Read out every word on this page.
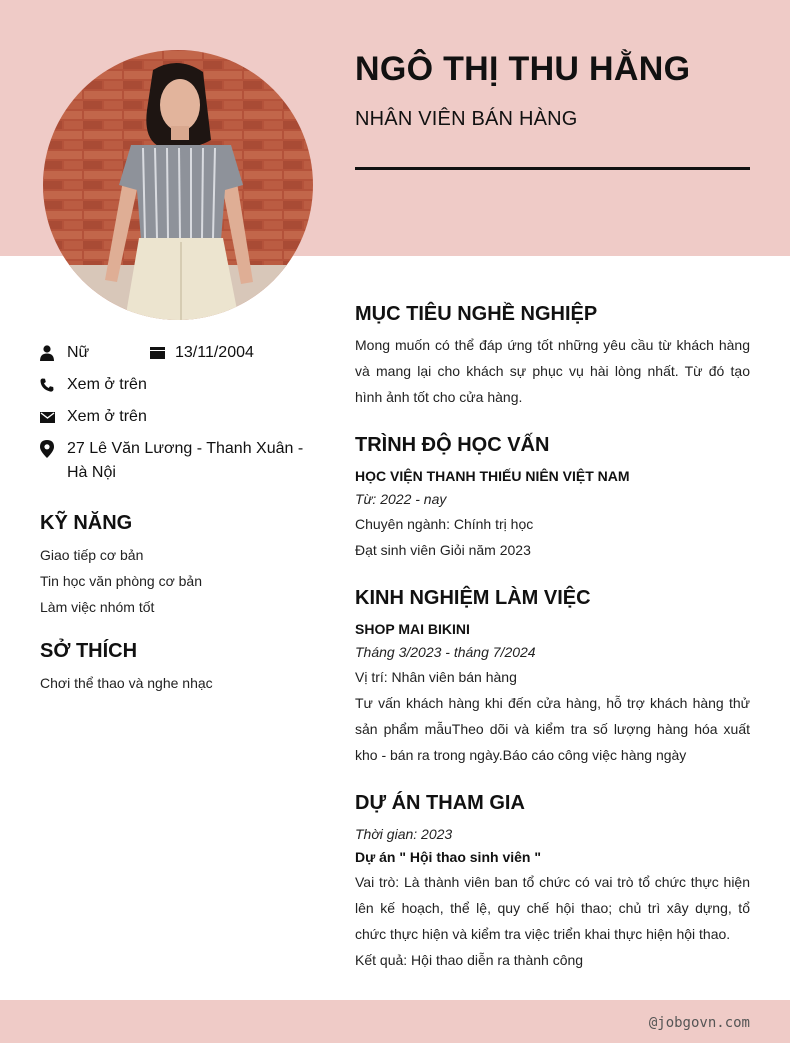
NGÔ THỊ THU HẰNG
NHÂN VIÊN BÁN HÀNG
Nữ	13/11/2004
Xem ở trên
Xem ở trên
27 Lê Văn Lương - Thanh Xuân -
Hà Nội
KỸ NĂNG
Giao tiếp cơ bản
Tin học văn phòng cơ bản
Làm việc nhóm tốt
SỞ THÍCH
Chơi thể thao và nghe nhạc
MỤC TIÊU NGHỀ NGHIỆP
Mong muốn có thể đáp ứng tốt những yêu cầu từ khách hàng và mang lại cho khách sự phục vụ hài lòng nhất. Từ đó tạo hình ảnh tốt cho cửa hàng.
TRÌNH ĐỘ HỌC VẤN
HỌC VIỆN THANH THIẾU NIÊN VIỆT NAM
Từ: 2022 - nay
Chuyên ngành: Chính trị học
Đạt sinh viên Giỏi năm 2023
KINH NGHIỆM LÀM VIỆC
SHOP MAI BIKINI
Tháng 3/2023 - tháng 7/2024
Vị trí: Nhân viên bán hàng
Tư vấn khách hàng khi đến cửa hàng, hỗ trợ khách hàng thử sản phẩm mẫuTheo dõi và kiểm tra số lượng hàng hóa xuất kho - bán ra trong ngày.Báo cáo công việc hàng ngày
DỰ ÁN THAM GIA
Thời gian: 2023
Dự án " Hội thao sinh viên "
Vai trò: Là thành viên ban tổ chức có vai trò tổ chức thực hiện lên kế hoạch, thể lệ, quy chế hội thao; chủ trì xây dựng, tổ chức thực hiện và kiểm tra việc triển khai thực hiện hội thao.
Kết quả: Hội thao diễn ra thành công
@jobgovn.com
